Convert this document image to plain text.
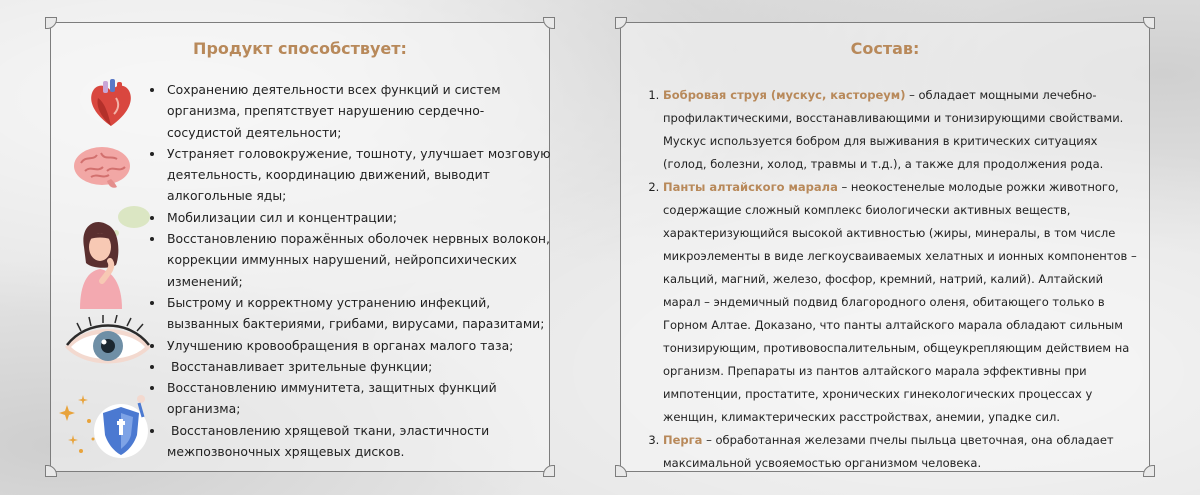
Продукт способствует:
• Сохранению деятельности всех функций и систем организма, препятствует нарушению сердечно-сосудистой деятельности;
• Устраняет головокружение, тошноту, улучшает мозговую деятельность, координацию движений, выводит алкогольные яды;
• Мобилизации сил и концентрации;
• Восстановлению поражённых оболочек нервных волокон, коррекции иммунных нарушений, нейропсихических изменений;
• Быстрому и корректному устранению инфекций, вызванных бактериями, грибами, вирусами, паразитами;
• Улучшению кровообращения в органах малого таза;
•  Восстанавливает зрительные функции;
• Восстановлению иммунитета, защитных функций организма;
•  Восстановлению хрящевой ткани, эластичности межпозвоночных хрящевых дисков.
Состав:
1. Бобровая струя (мускус, кастореум) – обладает мощными лечебно-профилактическими, восстанавливающими и тонизирующими свойствами. Мускус используется бобром для выживания в критических ситуациях (голод, болезни, холод, травмы и т.д.), а также для продолжения рода.
2. Панты алтайского марала – неокостенелые молодые рожки животного, содержащие сложный комплекс биологически активных веществ, характеризующийся высокой активностью (жиры, минералы, в том числе микроэлементы в виде легкоусваиваемых хелатных и ионных компонентов – кальций, магний, железо, фосфор, кремний, натрий, калий). Алтайский марал – эндемичный подвид благородного оленя, обитающего только в Горном Алтае. Доказано, что панты алтайского марала обладают сильным тонизирующим, противовоспалительным, общеукрепляющим действием на организм. Препараты из пантов алтайского марала эффективны при импотенции, простатите, хронических гинекологических процессах у женщин, климактерических расстройствах, анемии, упадке сил.
3. Перга – обработанная железами пчелы пыльца цветочная, она обладает максимальной усвояемостью организмом человека.
